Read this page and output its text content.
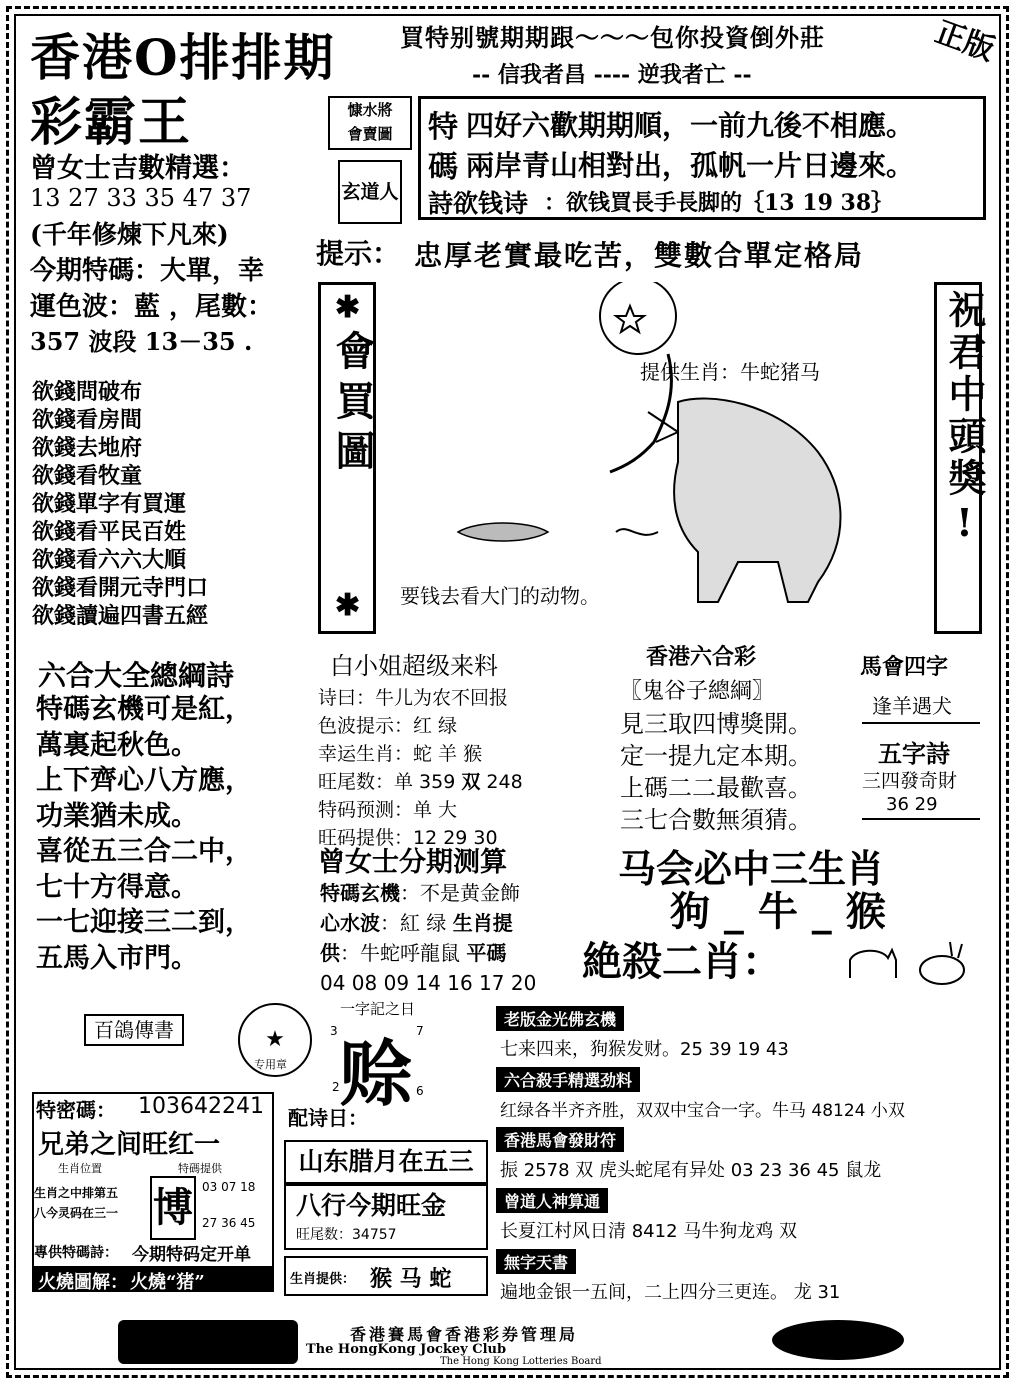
香港O排排期
彩霸王
買特别號期期跟～～～包你投資倒外莊
-- 信我者昌 ---- 逆我者亡 --
正版
曾女士吉數精選：
13 27 33 35 47 37
(千年修煉下凡來)
今期特碼：大單，幸
運色波：藍 ，尾數：
357 波段 13－35 .
欲錢問破布
欲錢看房間
欲錢去地府
欲錢看牧童
欲錢單字有買運
欲錢看平民百姓
欲錢看六六大順
欲錢看開元寺門口
欲錢讀遍四書五經
慷水將
會賣圖
玄道人
特 四好六歡期期順，一前九後不相應。
碼 兩岸青山相對出，孤帆一片日邊來。
詩欲钱诗 ：欲钱買長手長脚的｛13 19 38｝
提示： 忠厚老實最吃苦，雙數合單定格局
✱
會買圖
✱
祝君中頭獎!
提供生肖：牛蛇猪马
要钱去看大门的动物。
六合大全總綱詩
特碼玄機可是紅，
萬裏起秋色。
上下齊心八方應，
功業猶未成。
喜從五三合二中，
七十方得意。
一七迎接三二到，
五馬入市門。
白小姐超级来料
诗曰：牛儿为农不回报
色波提示：红 绿
幸运生肖：蛇 羊 猴
旺尾数：单 359 双 248
特码预测：单 大
旺码提供：12 29 30
曾女士分期测算
特碼玄機：不是黄金飾
心水波：紅 绿 生肖提
供：牛蛇呼龍鼠 平碼
04 08 09 14 16 17 20
香港六合彩
〖鬼谷子總綱〗
見三取四博獎開。
定一提九定本期。
上碼二二最歡喜。
三七合數無須猜。
馬會四字
逢羊遇犬
五字詩
三四發奇財
36 29
马会必中三生肖
狗 _ 牛 _ 猴
絶殺二肖：
百鴿傳書	★
专用章
一字記之日
3	7
赊
2	6
配诗日：
特密碼： 103642241
兄弟之间旺红一
生肖位置	特碼提供
生肖之中排第五
八今灵码在三一 博 03 07 18
27 36 45
專供特碼詩： 今期特码定开单
火燒圖解： 火燒“猪”
山东腊月在五三
八行今期旺金
旺尾数：34757
生肖提供： 猴 马 蛇
老版金光佛玄機
七来四来，狗猴发财。25 39 19 43
六合殺手精選劲料
红绿各半齐齐胜，双双中宝合一字。牛马 48124 小双
香港馬會發財符
振 2578 双 虎头蛇尾有异处 03 23 36 45 鼠龙
曾道人神算通
长夏江村风日清 8412 马牛狗龙鸡 双
無字天書
遍地金银一五间，二上四分三更连。 龙 31
香港賽馬會香港彩券管理局
The HongKong Jockey Club
The Hong Kong Lotteries Board
